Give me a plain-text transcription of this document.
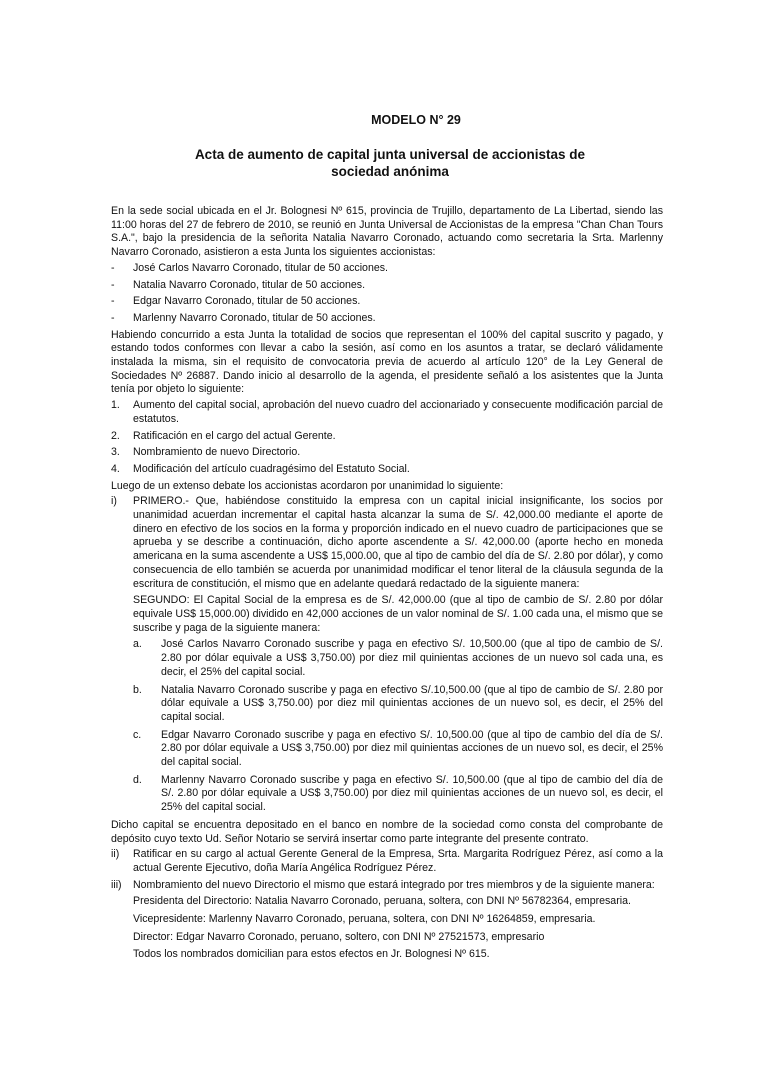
MODELO N° 29
Acta de aumento de capital junta universal de accionistas de
sociedad anónima

En la sede social ubicada en el Jr. Bolognesi Nº 615, provincia de Trujillo, departamento de La Libertad, siendo las 11:00 horas del 27 de febrero de 2010, se reunió en Junta Universal de Accionistas de la empresa "Chan Chan Tours S.A.", bajo la presidencia de la señorita Natalia Navarro Coronado, actuando como secretaria la Srta. Marlenny Navarro Coronado, asistieron a esta Junta los siguientes accionistas:

-	José Carlos Navarro Coronado, titular de 50 acciones.
-	Natalia Navarro Coronado, titular de 50 acciones.
-	Edgar Navarro Coronado, titular de 50 acciones.
-	Marlenny Navarro Coronado, titular de 50 acciones.

Habiendo concurrido a esta Junta la totalidad de socios que representan el 100% del capital suscrito y pagado, y estando todos conformes con llevar a cabo la sesión, así como en los asuntos a tratar, se declaró válidamente instalada la misma, sin el requisito de convocatoria previa de acuerdo al artículo 120° de la Ley General de Sociedades Nº 26887. Dando inicio al desarrollo de la agenda, el presidente señaló a los asistentes que la Junta tenía por objeto lo siguiente:

1.	Aumento del capital social, aprobación del nuevo cuadro del accionariado y consecuente modificación parcial de estatutos.
2.	Ratificación en el cargo del actual Gerente.
3.	Nombramiento de nuevo Directorio.
4.	Modificación del artículo cuadragésimo del Estatuto Social.

Luego de un extenso debate los accionistas acordaron por unanimidad lo siguiente:

i)	PRIMERO.- Que, habiéndose constituido la empresa con un capital inicial insignificante, los socios por unanimidad acuerdan incrementar el capital hasta alcanzar la suma de S/. 42,000.00 mediante el aporte de dinero en efectivo de los socios en la forma y proporción indicado en el nuevo cuadro de participaciones que se aprueba y se describe a continuación, dicho aporte ascendente a S/. 42,000.00 (aporte hecho en moneda americana en la suma ascendente a US$ 15,000.00, que al tipo de cambio del día de S/. 2.80 por dólar), y como consecuencia de ello también se acuerda por unanimidad modificar el tenor literal de la cláusula segunda de la escritura de constitución, el mismo que en adelante quedará redactado de la siguiente manera:

SEGUNDO: El Capital Social de la empresa es de S/. 42,000.00 (que al tipo de cambio de S/. 2.80 por dólar equivale US$ 15,000.00) dividido en 42,000 acciones de un valor nominal de S/. 1.00 cada una, el mismo que se suscribe y paga de la siguiente manera:

a.	José Carlos Navarro Coronado suscribe y paga en efectivo S/. 10,500.00 (que al tipo de cambio de S/. 2.80 por dólar equivale a US$ 3,750.00) por diez mil quinientas acciones de un nuevo sol cada una, es decir, el 25% del capital social.
b.	Natalia Navarro Coronado suscribe y paga en efectivo S/.10,500.00 (que al tipo de cambio de S/. 2.80 por dólar equivale a US$ 3,750.00) por diez mil quinientas acciones de un nuevo sol, es decir, el 25% del capital social.
c.	Edgar Navarro Coronado suscribe y paga en efectivo S/. 10,500.00 (que al tipo de cambio del día de S/. 2.80 por dólar equivale a US$ 3,750.00) por diez mil quinientas acciones de un nuevo sol, es decir, el 25% del capital social.
d.	Marlenny Navarro Coronado suscribe y paga en efectivo S/. 10,500.00 (que al tipo de cambio del día de S/. 2.80 por dólar equivale a US$ 3,750.00) por diez mil quinientas acciones de un nuevo sol, es decir, el 25% del capital social.

Dicho capital se encuentra depositado en el banco en nombre de la sociedad como consta del comprobante de depósito cuyo texto Ud. Señor Notario se servirá insertar como parte integrante del presente contrato.

ii)	Ratificar en su cargo al actual Gerente General de la Empresa, Srta. Margarita Rodríguez Pérez, así como a la actual Gerente Ejecutivo, doña María Angélica Rodríguez Pérez.
iii)	Nombramiento del nuevo Directorio el mismo que estará integrado por tres miembros y de la siguiente manera:
Presidenta del Directorio: Natalia Navarro Coronado, peruana, soltera, con DNI Nº 56782364, empresaria.
Vicepresidente: Marlenny Navarro Coronado, peruana, soltera, con DNI Nº 16264859, empresaria.
Director: Edgar Navarro Coronado, peruano, soltero, con DNI Nº 27521573, empresario
Todos los nombrados domicilian para estos efectos en Jr. Bolognesi Nº 615.
